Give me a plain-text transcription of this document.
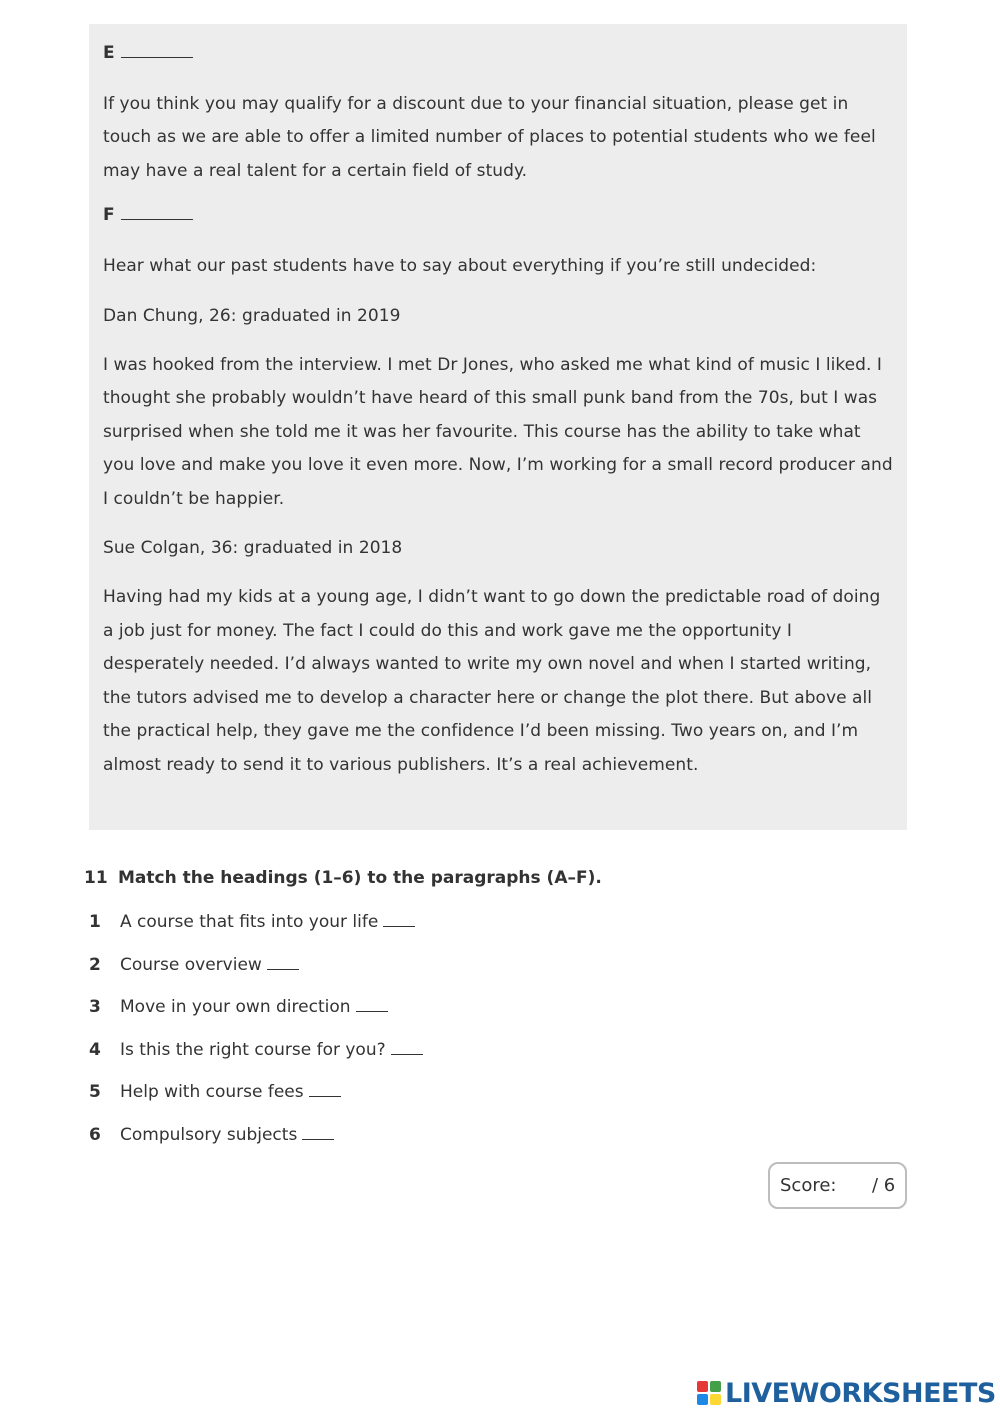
E

If you think you may qualify for a discount due to your financial situation, please get in touch as we are able to offer a limited number of places to potential students who we feel may have a real talent for a certain field of study.

F

Hear what our past students have to say about everything if you’re still undecided:

Dan Chung, 26: graduated in 2019

I was hooked from the interview. I met Dr Jones, who asked me what kind of music I liked. I thought she probably wouldn’t have heard of this small punk band from the 70s, but I was surprised when she told me it was her favourite. This course has the ability to take what you love and make you love it even more. Now, I’m working for a small record producer and I couldn’t be happier.

Sue Colgan, 36: graduated in 2018

Having had my kids at a young age, I didn’t want to go down the predictable road of doing a job just for money. The fact I could do this and work gave me the opportunity I desperately needed. I’d always wanted to write my own novel and when I started writing, the tutors advised me to develop a character here or change the plot there. But above all the practical help, they gave me the confidence I’d been missing. Two years on, and I’m almost ready to send it to various publishers. It’s a real achievement.

11 Match the headings (1–6) to the paragraphs (A–F).
1 A course that fits into your life
2 Course overview
3 Move in your own direction
4 Is this the right course for you?
5 Help with course fees
6 Compulsory subjects
Score:	/ 6
LIVEWORKSHEETS
